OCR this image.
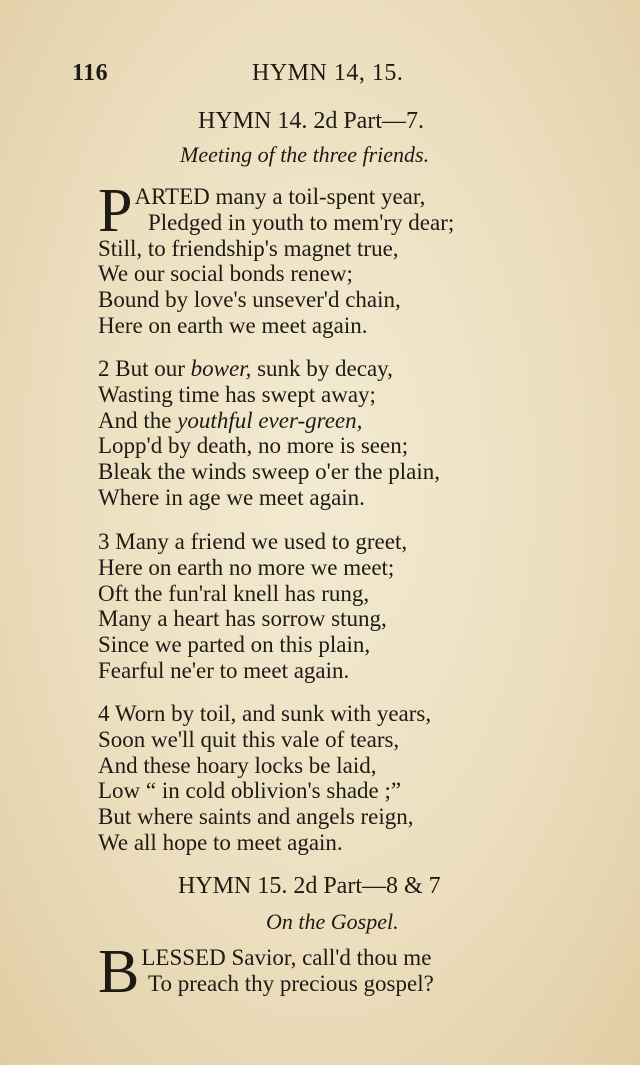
116	HYMN 14, 15.
HYMN 14. 2d Part—7.
Meeting of the three friends.
PARTED many a toil-spent year,
Pledged in youth to mem'ry dear;
Still, to friendship's magnet true,
We our social bonds renew;
Bound by love's unsever'd chain,
Here on earth we meet again.
2 But our bower, sunk by decay,
Wasting time has swept away;
And the youthful ever-green,
Lopp'd by death, no more is seen;
Bleak the winds sweep o'er the plain,
Where in age we meet again.
3 Many a friend we used to greet,
Here on earth no more we meet;
Oft the fun'ral knell has rung,
Many a heart has sorrow stung,
Since we parted on this plain,
Fearful ne'er to meet again.
4 Worn by toil, and sunk with years,
Soon we'll quit this vale of tears,
And these hoary locks be laid,
Low “ in cold oblivion's shade ;”
But where saints and angels reign,
We all hope to meet again.
HYMN 15. 2d Part—8 & 7
On the Gospel.
BLESSED Savior, call'd thou me
To preach thy precious gospel?
